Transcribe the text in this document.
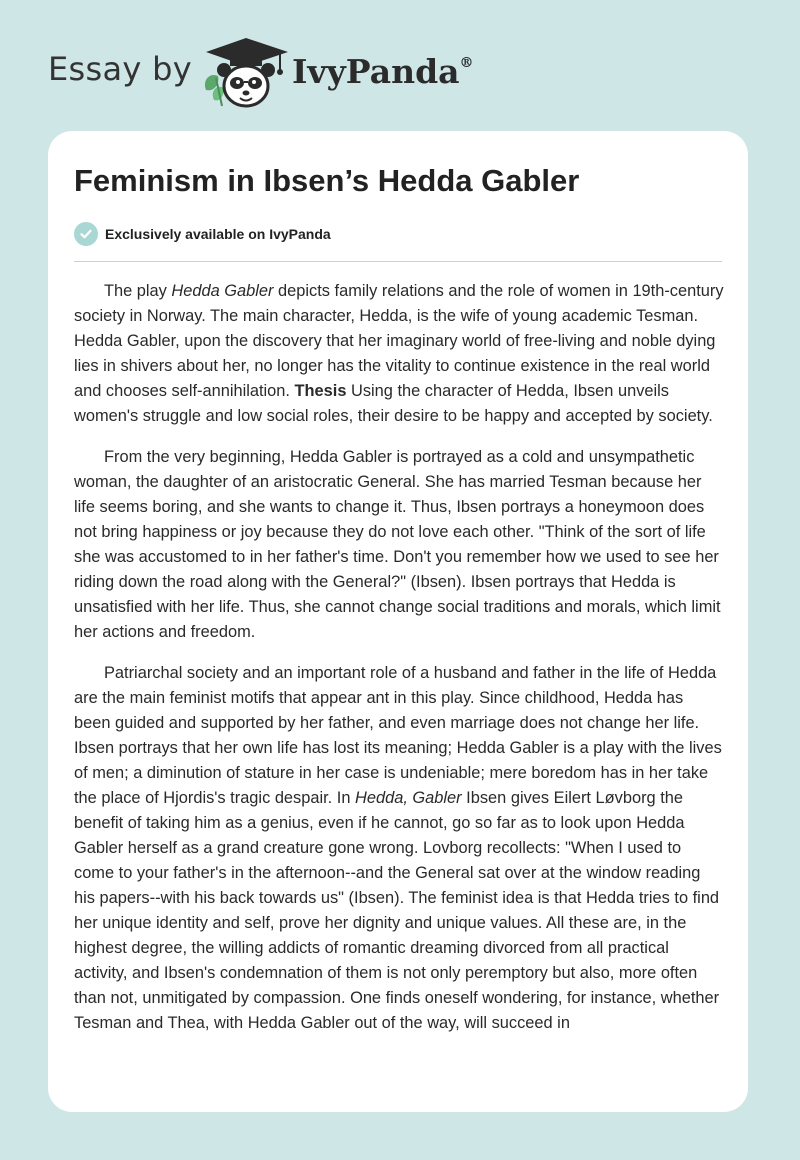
Essay by	IvyPanda®
Feminism in Ibsen’s Hedda Gabler
Exclusively available on IvyPanda

The play Hedda Gabler depicts family relations and the role of women in 19th-century society in Norway. The main character, Hedda, is the wife of young academic Tesman. Hedda Gabler, upon the discovery that her imaginary world of free-living and noble dying lies in shivers about her, no longer has the vitality to continue existence in the real world and chooses self-annihilation. Thesis Using the character of Hedda, Ibsen unveils women's struggle and low social roles, their desire to be happy and accepted by society.

From the very beginning, Hedda Gabler is portrayed as a cold and unsympathetic woman, the daughter of an aristocratic General. She has married Tesman because her life seems boring, and she wants to change it. Thus, Ibsen portrays a honeymoon does not bring happiness or joy because they do not love each other. "Think of the sort of life she was accustomed to in her father's time. Don't you remember how we used to see her riding down the road along with the General?" (Ibsen). Ibsen portrays that Hedda is unsatisfied with her life. Thus, she cannot change social traditions and morals, which limit her actions and freedom.

Patriarchal society and an important role of a husband and father in the life of Hedda are the main feminist motifs that appear ant in this play. Since childhood, Hedda has been guided and supported by her father, and even marriage does not change her life. Ibsen portrays that her own life has lost its meaning; Hedda Gabler is a play with the lives of men; a diminution of stature in her case is undeniable; mere boredom has in her take the place of Hjordis's tragic despair. In Hedda, Gabler Ibsen gives Eilert Løvborg the benefit of taking him as a genius, even if he cannot, go so far as to look upon Hedda Gabler herself as a grand creature gone wrong. Lovborg recollects: "When I used to come to your father's in the afternoon--and the General sat over at the window reading his papers--with his back towards us" (Ibsen). The feminist idea is that Hedda tries to find her unique identity and self, prove her dignity and unique values. All these are, in the highest degree, the willing addicts of romantic dreaming divorced from all practical activity, and Ibsen's condemnation of them is not only peremptory but also, more often than not, unmitigated by compassion. One finds oneself wondering, for instance, whether Tesman and Thea, with Hedda Gabler out of the way, will succeed in
